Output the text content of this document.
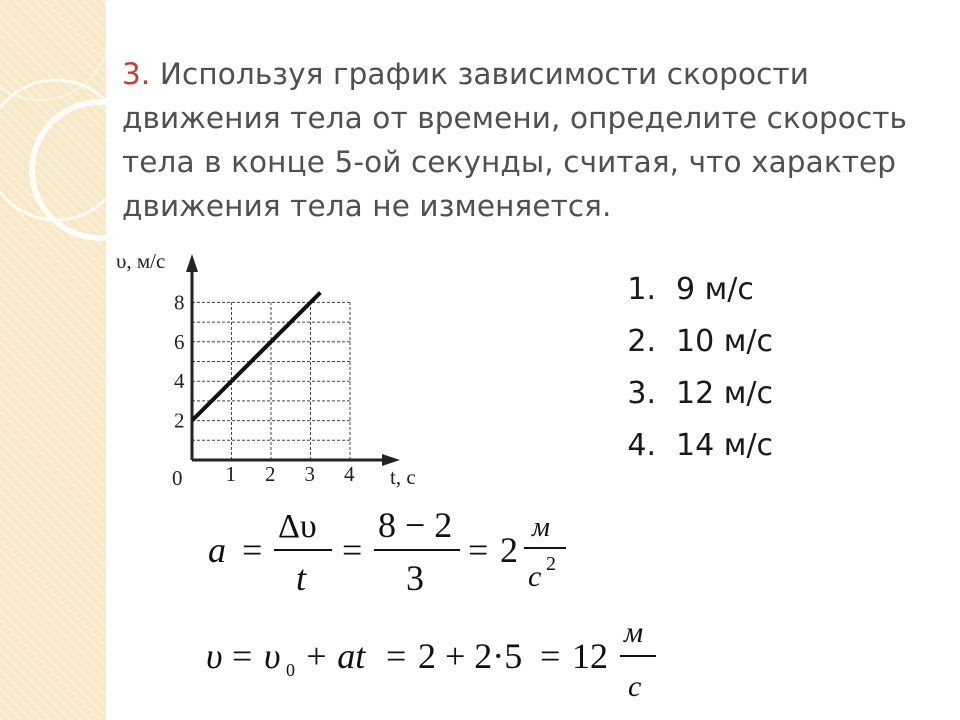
3. Используя график зависимости скорости движения тела от времени, определите скорость тела в конце 5-ой секунды, считая, что характер движения тела не изменяется.
1 2 3 4
2
4
6
8
0
υ, м/с
t, с
1. 9 м/с
2. 10 м/с
3. 12 м/с
4. 14 м/с
a =
Δυ
t
=
8 − 2
3
= 2
м
с 2
υ = υ 0 + at = 2 + 2·5 = 12
м
с
